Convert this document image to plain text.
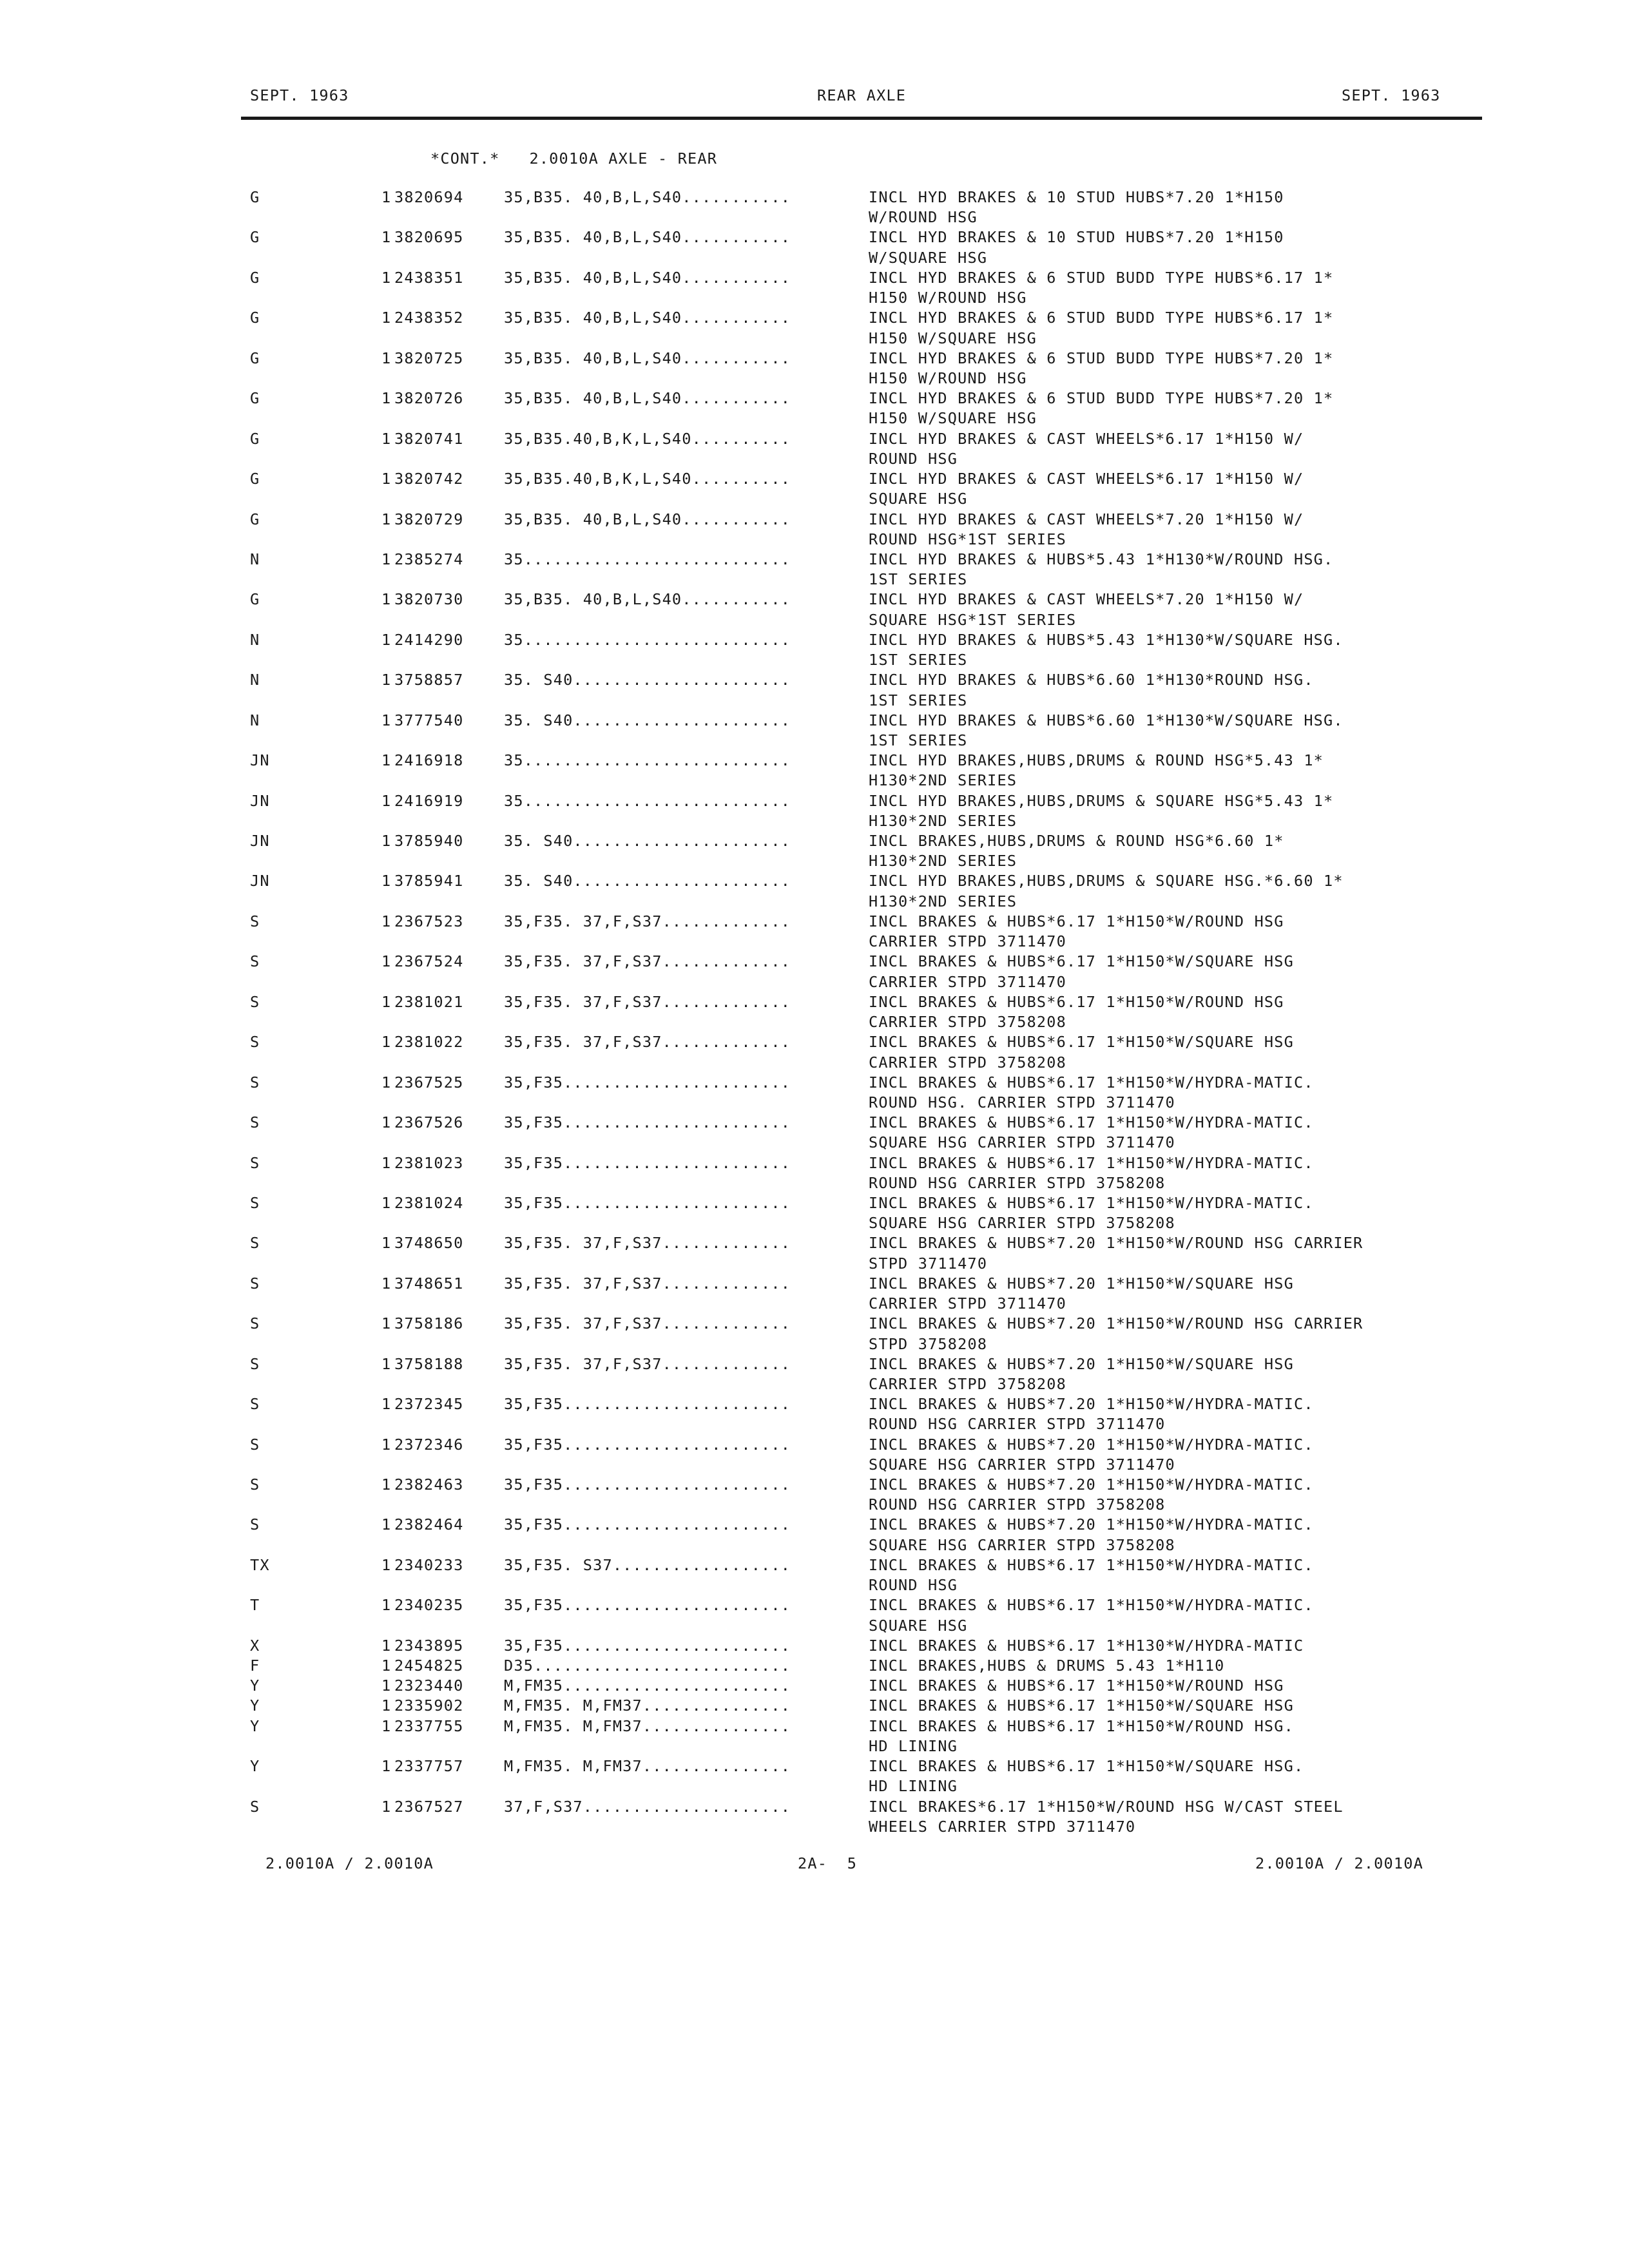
SEPT. 1963	REAR AXLE	SEPT. 1963
*CONT.*   2.0010A AXLE - REAR
G	1 3820694	35,B35. 40,B,L,S40...........	INCL HYD BRAKES & 10 STUD HUBS*7.20 1*H150
W/ROUND HSG
G	1 3820695	35,B35. 40,B,L,S40...........	INCL HYD BRAKES & 10 STUD HUBS*7.20 1*H150
W/SQUARE HSG
G	1 2438351	35,B35. 40,B,L,S40...........	INCL HYD BRAKES & 6 STUD BUDD TYPE HUBS*6.17 1*
H150 W/ROUND HSG
G	1 2438352	35,B35. 40,B,L,S40...........	INCL HYD BRAKES & 6 STUD BUDD TYPE HUBS*6.17 1*
H150 W/SQUARE HSG
G	1 3820725	35,B35. 40,B,L,S40...........	INCL HYD BRAKES & 6 STUD BUDD TYPE HUBS*7.20 1*
H150 W/ROUND HSG
G	1 3820726	35,B35. 40,B,L,S40...........	INCL HYD BRAKES & 6 STUD BUDD TYPE HUBS*7.20 1*
H150 W/SQUARE HSG
G	1 3820741	35,B35.40,B,K,L,S40..........	INCL HYD BRAKES & CAST WHEELS*6.17 1*H150 W/
ROUND HSG
G	1 3820742	35,B35.40,B,K,L,S40..........	INCL HYD BRAKES & CAST WHEELS*6.17 1*H150 W/
SQUARE HSG
G	1 3820729	35,B35. 40,B,L,S40...........	INCL HYD BRAKES & CAST WHEELS*7.20 1*H150 W/
ROUND HSG*1ST SERIES
N	1 2385274	35...........................	INCL HYD BRAKES & HUBS*5.43 1*H130*W/ROUND HSG.
1ST SERIES
G	1 3820730	35,B35. 40,B,L,S40...........	INCL HYD BRAKES & CAST WHEELS*7.20 1*H150 W/
SQUARE HSG*1ST SERIES
N	1 2414290	35...........................	INCL HYD BRAKES & HUBS*5.43 1*H130*W/SQUARE HSG.
1ST SERIES
N	1 3758857	35. S40......................	INCL HYD BRAKES & HUBS*6.60 1*H130*ROUND HSG.
1ST SERIES
N	1 3777540	35. S40......................	INCL HYD BRAKES & HUBS*6.60 1*H130*W/SQUARE HSG.
1ST SERIES
JN	1 2416918	35...........................	INCL HYD BRAKES,HUBS,DRUMS & ROUND HSG*5.43 1*
H130*2ND SERIES
JN	1 2416919	35...........................	INCL HYD BRAKES,HUBS,DRUMS & SQUARE HSG*5.43 1*
H130*2ND SERIES
JN	1 3785940	35. S40......................	INCL BRAKES,HUBS,DRUMS & ROUND HSG*6.60 1*
H130*2ND SERIES
JN	1 3785941	35. S40......................	INCL HYD BRAKES,HUBS,DRUMS & SQUARE HSG.*6.60 1*
H130*2ND SERIES
S	1 2367523	35,F35. 37,F,S37.............	INCL BRAKES & HUBS*6.17 1*H150*W/ROUND HSG
CARRIER STPD 3711470
S	1 2367524	35,F35. 37,F,S37.............	INCL BRAKES & HUBS*6.17 1*H150*W/SQUARE HSG
CARRIER STPD 3711470
S	1 2381021	35,F35. 37,F,S37.............	INCL BRAKES & HUBS*6.17 1*H150*W/ROUND HSG
CARRIER STPD 3758208
S	1 2381022	35,F35. 37,F,S37.............	INCL BRAKES & HUBS*6.17 1*H150*W/SQUARE HSG
CARRIER STPD 3758208
S	1 2367525	35,F35.......................	INCL BRAKES & HUBS*6.17 1*H150*W/HYDRA-MATIC.
ROUND HSG. CARRIER STPD 3711470
S	1 2367526	35,F35.......................	INCL BRAKES & HUBS*6.17 1*H150*W/HYDRA-MATIC.
SQUARE HSG CARRIER STPD 3711470
S	1 2381023	35,F35.......................	INCL BRAKES & HUBS*6.17 1*H150*W/HYDRA-MATIC.
ROUND HSG CARRIER STPD 3758208
S	1 2381024	35,F35.......................	INCL BRAKES & HUBS*6.17 1*H150*W/HYDRA-MATIC.
SQUARE HSG CARRIER STPD 3758208
S	1 3748650	35,F35. 37,F,S37.............	INCL BRAKES & HUBS*7.20 1*H150*W/ROUND HSG CARRIER
STPD 3711470
S	1 3748651	35,F35. 37,F,S37.............	INCL BRAKES & HUBS*7.20 1*H150*W/SQUARE HSG
CARRIER STPD 3711470
S	1 3758186	35,F35. 37,F,S37.............	INCL BRAKES & HUBS*7.20 1*H150*W/ROUND HSG CARRIER
STPD 3758208
S	1 3758188	35,F35. 37,F,S37.............	INCL BRAKES & HUBS*7.20 1*H150*W/SQUARE HSG
CARRIER STPD 3758208
S	1 2372345	35,F35.......................	INCL BRAKES & HUBS*7.20 1*H150*W/HYDRA-MATIC.
ROUND HSG CARRIER STPD 3711470
S	1 2372346	35,F35.......................	INCL BRAKES & HUBS*7.20 1*H150*W/HYDRA-MATIC.
SQUARE HSG CARRIER STPD 3711470
S	1 2382463	35,F35.......................	INCL BRAKES & HUBS*7.20 1*H150*W/HYDRA-MATIC.
ROUND HSG CARRIER STPD 3758208
S	1 2382464	35,F35.......................	INCL BRAKES & HUBS*7.20 1*H150*W/HYDRA-MATIC.
SQUARE HSG CARRIER STPD 3758208
TX	1 2340233	35,F35. S37..................	INCL BRAKES & HUBS*6.17 1*H150*W/HYDRA-MATIC.
ROUND HSG
T	1 2340235	35,F35.......................	INCL BRAKES & HUBS*6.17 1*H150*W/HYDRA-MATIC.
SQUARE HSG
X	1 2343895	35,F35.......................	INCL BRAKES & HUBS*6.17 1*H130*W/HYDRA-MATIC
F	1 2454825	D35..........................	INCL BRAKES,HUBS & DRUMS 5.43 1*H110
Y	1 2323440	M,FM35.......................	INCL BRAKES & HUBS*6.17 1*H150*W/ROUND HSG
Y	1 2335902	M,FM35. M,FM37...............	INCL BRAKES & HUBS*6.17 1*H150*W/SQUARE HSG
Y	1 2337755	M,FM35. M,FM37...............	INCL BRAKES & HUBS*6.17 1*H150*W/ROUND HSG.
HD LINING
Y	1 2337757	M,FM35. M,FM37...............	INCL BRAKES & HUBS*6.17 1*H150*W/SQUARE HSG.
HD LINING
S	1 2367527	37,F,S37.....................	INCL BRAKES*6.17 1*H150*W/ROUND HSG W/CAST STEEL
WHEELS CARRIER STPD 3711470
2.0010A / 2.0010A	2A-  5	2.0010A / 2.0010A
